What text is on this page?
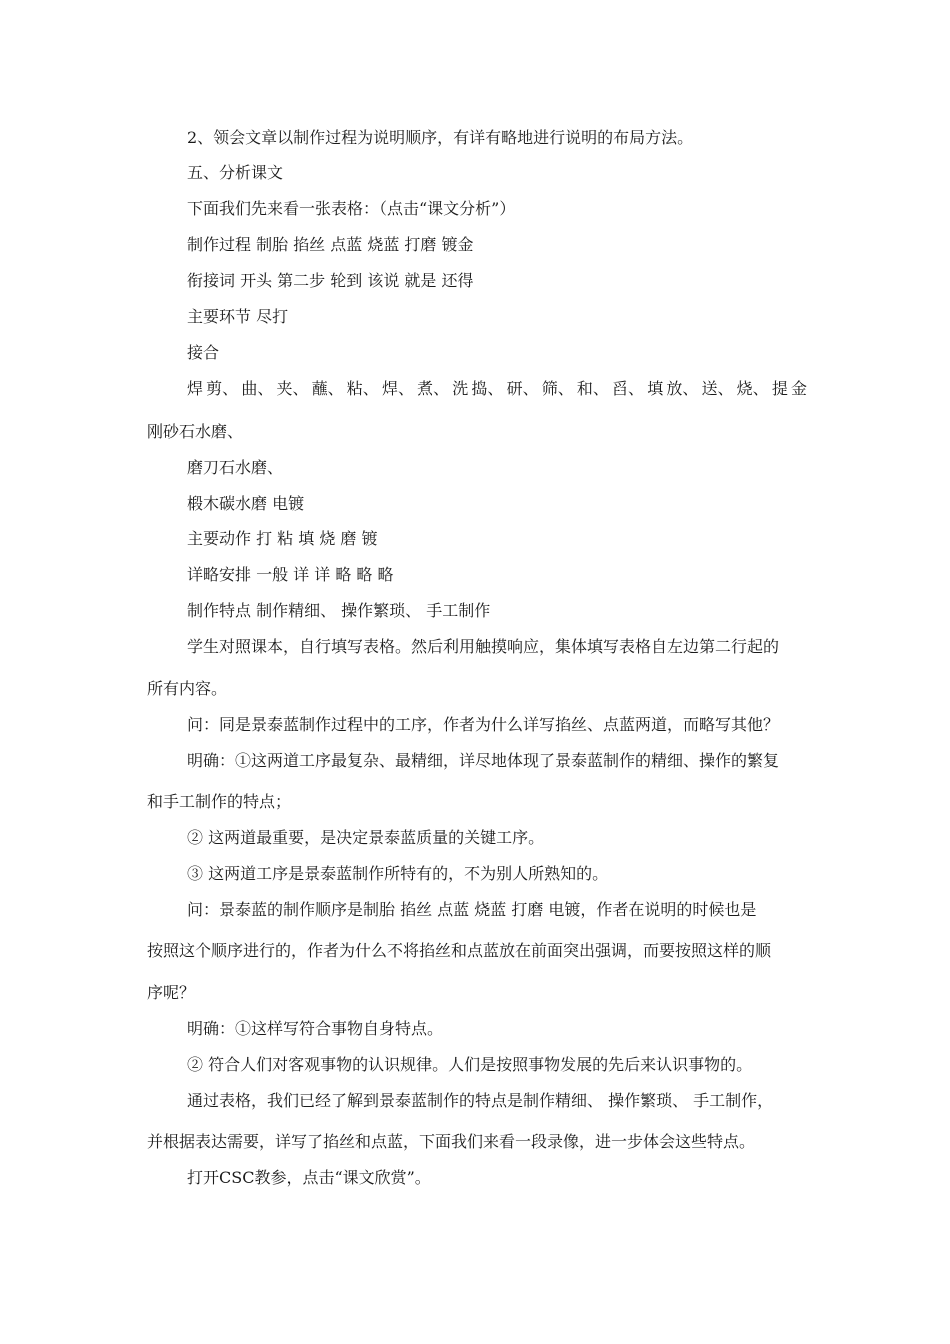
2、领会文章以制作过程为说明顺序，有详有略地进行说明的布局方法。
五、分析课文
下面我们先来看一张表格：（点击“课文分析”）
制作过程 制胎 掐丝 点蓝 烧蓝 打磨 镀金
衔接词 开头 第二步 轮到 该说 就是 还得
主要环节 尽打
接合
焊 剪、 曲、 夹、 蘸、 粘、 焊、 煮、 洗 捣、 研、 筛、 和、 舀、 填 放、 送、 烧、 提 金
刚砂石水磨、
磨刀石水磨、
椴木碳水磨 电镀
主要动作 打 粘 填 烧 磨 镀
详略安排 一般 详 详 略 略 略
制作特点 制作精细、 操作繁琐、 手工制作
学生对照课本，自行填写表格。然后利用触摸响应，集体填写表格自左边第二行起的
所有内容。
问：同是景泰蓝制作过程中的工序，作者为什么详写掐丝、点蓝两道，而略写其他？
明确：①这两道工序最复杂、最精细，详尽地体现了景泰蓝制作的精细、操作的繁复
和手工制作的特点；
② 这两道最重要，是决定景泰蓝质量的关键工序。
③ 这两道工序是景泰蓝制作所特有的，不为别人所熟知的。
问：景泰蓝的制作顺序是制胎 掐丝 点蓝 烧蓝 打磨 电镀，作者在说明的时候也是
按照这个顺序进行的，作者为什么不将掐丝和点蓝放在前面突出强调，而要按照这样的顺
序呢？
明确：①这样写符合事物自身特点。
② 符合人们对客观事物的认识规律。人们是按照事物发展的先后来认识事物的。
通过表格，我们已经了解到景泰蓝制作的特点是制作精细、 操作繁琐、 手工制作，
并根据表达需要，详写了掐丝和点蓝，下面我们来看一段录像，进一步体会这些特点。
打开CSC教参，点击“课文欣赏”。
